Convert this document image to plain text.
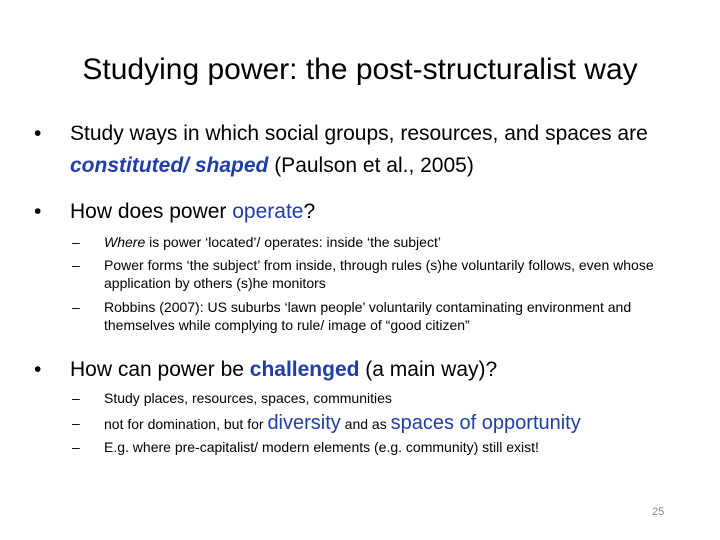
Studying power: the post-structuralist way
•	Study ways in which social groups, resources, and spaces are constituted/ shaped (Paulson et al., 2005)
•	How does power operate?
– Where is power ‘located’/ operates: inside ‘the subject’
– Power forms ‘the subject’ from inside, through rules (s)he voluntarily follows, even whose application by others (s)he monitors
– Robbins (2007): US suburbs ‘lawn people’ voluntarily contaminating environment and themselves while complying to rule/ image of “good citizen”
•	How can power be challenged (a main way)?
– Study places, resources, spaces, communities
– not for domination, but for diversity and as spaces of opportunity
– E.g. where pre-capitalist/ modern elements (e.g. community) still exist!
25
